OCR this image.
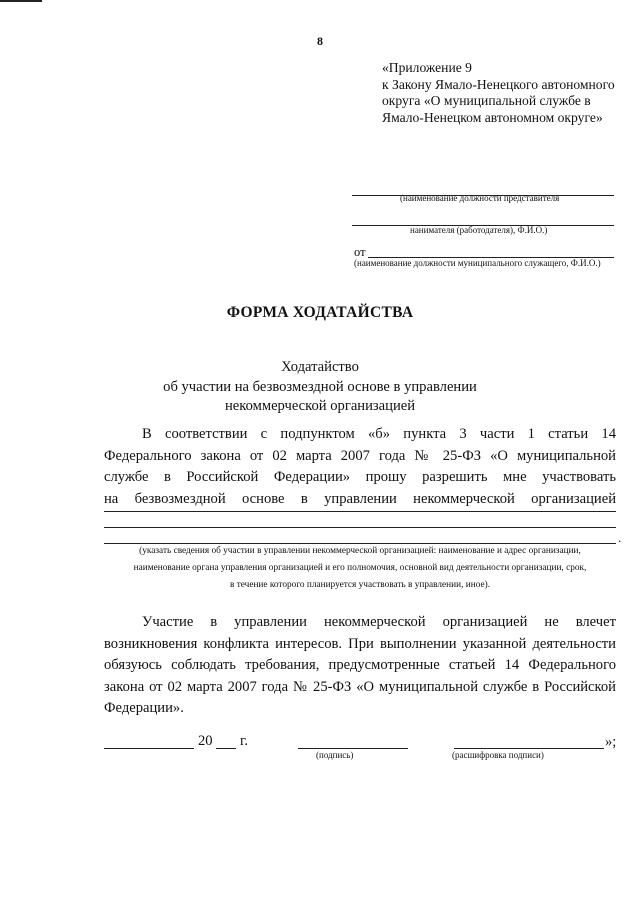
8
«Приложение 9
к Закону Ямало-Ненецкого автономного
округа «О муниципальной службе в
Ямало-Ненецком автономном округе»
(наименование должности представителя
нанимателя (работодателя), Ф.И.О.)
от
(наименование должности муниципального служащего, Ф.И.О.)
ФОРМА ХОДАТАЙСТВА
Ходатайство
об участии на безвозмездной основе в управлении
некоммерческой организацией
В соответствии с подпунктом «б» пункта 3 части 1 статьи 14
Федерального закона от 02 марта 2007 года № 25-ФЗ «О муниципальной
службе в Российской Федерации» прошу разрешить мне участвовать
на безвозмездной основе в управлении некоммерческой организацией
.
(указать сведения об участии в управлении некоммерческой организацией: наименование и адрес организации,
наименование органа управления организацией и его полномочия, основной вид деятельности организации, срок,
в течение которого планируется участвовать в управлении, иное).
Участие в управлении некоммерческой организацией не влечет
возникновения конфликта интересов. При выполнении указанной деятельности
обязуюсь соблюдать требования, предусмотренные статьей 14 Федерального
закона от 02 марта 2007 года № 25-ФЗ «О муниципальной службе в Российской
Федерации».
20 г.
(подпись)	(расшифровка подписи)
»;
